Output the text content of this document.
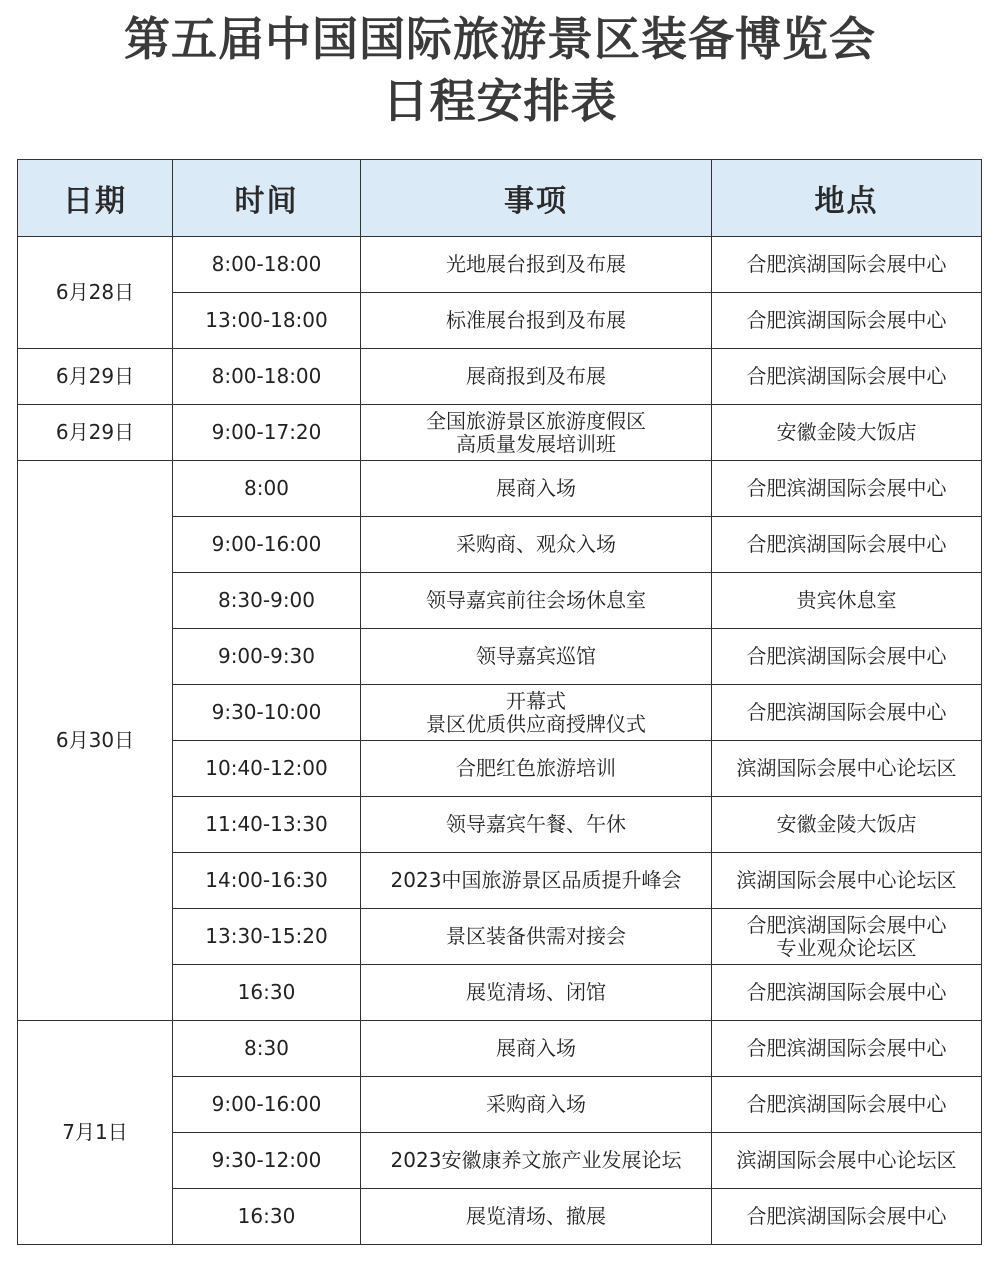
第五届中国国际旅游景区装备博览会
日程安排表
日期	时间	事项	地点
6月28日	8:00-18:00	光地展台报到及布展	合肥滨湖国际会展中心

	13:00-18:00	标准展台报到及布展	合肥滨湖国际会展中心

6月29日	8:00-18:00	展商报到及布展	合肥滨湖国际会展中心

6月29日	9:00-17:20	全国旅游景区旅游度假区
高质量发展培训班	安徽金陵大饭店

6月30日	8:00	展商入场	合肥滨湖国际会展中心

	9:00-16:00	采购商、观众入场	合肥滨湖国际会展中心

	8:30-9:00	领导嘉宾前往会场休息室	贵宾休息室

	9:00-9:30	领导嘉宾巡馆	合肥滨湖国际会展中心

	9:30-10:00	开幕式
景区优质供应商授牌仪式	合肥滨湖国际会展中心

	10:40-12:00	合肥红色旅游培训	滨湖国际会展中心论坛区

	11:40-13:30	领导嘉宾午餐、午休	安徽金陵大饭店

	14:00-16:30	2023中国旅游景区品质提升峰会	滨湖国际会展中心论坛区

	13:30-15:20	景区装备供需对接会	合肥滨湖国际会展中心
专业观众论坛区

	16:30	展览清场、闭馆	合肥滨湖国际会展中心

7月1日	8:30	展商入场	合肥滨湖国际会展中心

	9:00-16:00	采购商入场	合肥滨湖国际会展中心

	9:30-12:00	2023安徽康养文旅产业发展论坛	滨湖国际会展中心论坛区

	16:30	展览清场、撤展	合肥滨湖国际会展中心
